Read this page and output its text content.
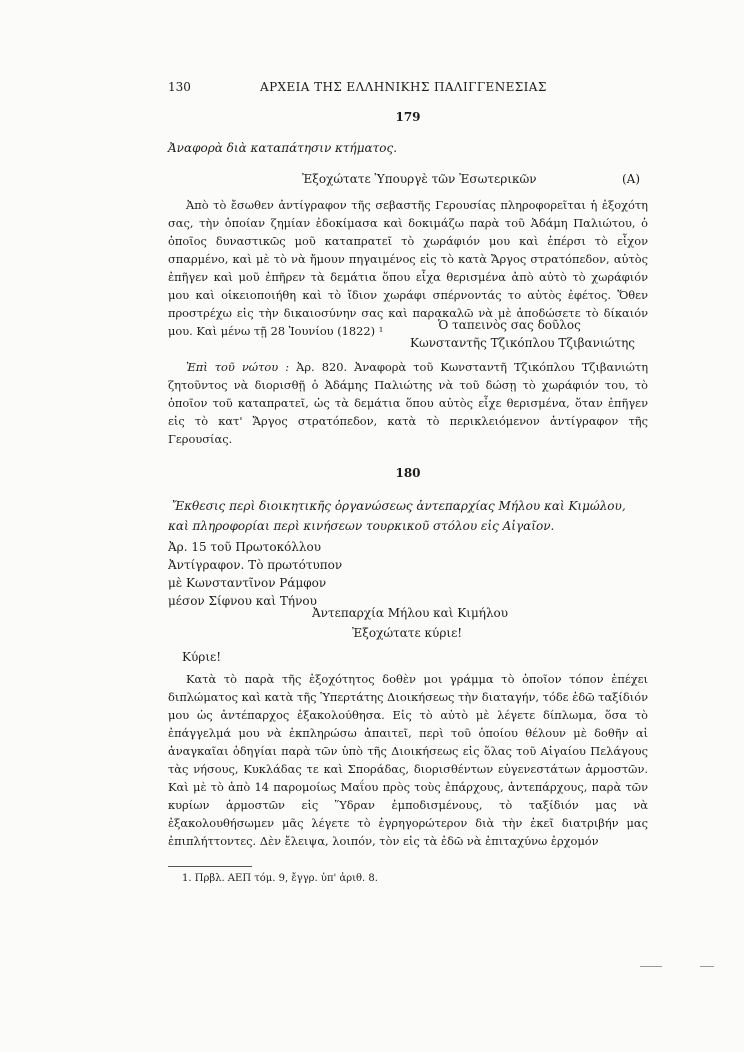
130	ΑΡΧΕΙΑ ΤΗΣ ΕΛΛΗΝΙΚΗΣ ΠΑΛΙΓΓΕΝΕΣΙΑΣ
179
Ἀναφορὰ διὰ καταπάτησιν κτήματος.
Ἐξοχώτατε Ὑπουργὲ τῶν Ἐσωτερικῶν	(Α)

Ἀπὸ τὸ ἔσωθεν ἀντίγραφον τῆς σεβαστῆς Γερουσίας πληροφορεῖται ἡ ἐξοχότη σας, τὴν ὁποίαν ζημίαν ἐδοκίμασα καὶ δοκιμάζω παρὰ τοῦ Ἀδάμη Παλιώτου, ὁ ὁποῖος δυναστικῶς μοῦ καταπρατεῖ τὸ χωράφιόν μου καὶ ἐπέρσι τὸ εἶχον σπαρμένο, καὶ μὲ τὸ νὰ ἤμουν πηγαιμένος εἰς τὸ κατὰ Ἄργος στρατόπεδον, αὐτὸς ἐπῆγεν καὶ μοῦ ἐπῆρεν τὰ δεμάτια ὅπου εἶχα θερισμένα ἀπὸ αὐτὸ τὸ χωράφιόν μου καὶ οἰκειοποιήθη καὶ τὸ ἴδιον χωράφι σπέρνοντάς το αὐτὸς ἐφέτος. Ὅθεν προστρέχω εἰς τὴν δικαιοσύνην σας καὶ παρακαλῶ νὰ μὲ ἀποδώσετε τὸ δίκαιόν μου. Καὶ μένω τῇ 28 Ἰουνίου (1822) ¹	Ὁ ταπεινὸς σας δοῦλος
Κωνσταντῆς Τζικόπλου Τζιβανιώτης

Ἐπὶ τοῦ νώτου : Ἀρ. 820. Ἀναφορὰ τοῦ Κωνσταντῆ Τζικόπλου Τζιβανιώτη ζητοῦντος νὰ διορισθῇ ὁ Ἀδάμης Παλιώτης νὰ τοῦ δώσῃ τὸ χωράφιόν του, τὸ ὁποῖον τοῦ καταπρατεῖ, ὡς τὰ δεμάτια ὅπου αὐτὸς εἶχε θερισμένα, ὅταν ἐπῆγεν εἰς τὸ κατ' Ἄργος στρατόπεδον, κατὰ τὸ περικλειόμενον ἀντίγραφον τῆς Γερουσίας.

180
Ἔκθεσις περὶ διοικητικῆς ὀργανώσεως ἀντεπαρχίας Μήλου καὶ Κιμώλου, καὶ πληροφορίαι περὶ κινήσεων τουρκικοῦ στόλου εἰς Αἰγαῖον.
Ἀρ. 15 τοῦ Πρωτοκόλλου
Ἀντίγραφον. Τὸ πρωτότυπον
μὲ Κωνσταντῖνον Ράμφον
μέσον Σίφνου καὶ Τήνου
Ἀντεπαρχία Μήλου καὶ Κιμήλου
Ἐξοχώτατε κύριε!
Κύριε!

Κατὰ τὸ παρὰ τῆς ἐξοχότητος δοθὲν μοι γράμμα τὸ ὁποῖον τόπον ἐπέχει διπλώματος καὶ κατὰ τῆς Ὑπερτάτης Διοικήσεως τὴν διαταγήν, τόδε ἐδῶ ταξίδιόν μου ὡς ἀντέπαρχος ἐξακολούθησα. Εἰς τὸ αὐτὸ μὲ λέγετε δίπλωμα, ὅσα τὸ ἐπάγγελμά μου νὰ ἐκπληρώσω ἀπαιτεῖ, περὶ τοῦ ὁποίου θέλουν μὲ δοθῆν αἱ ἀναγκαῖαι ὁδηγίαι παρὰ τῶν ὑπὸ τῆς Διοικήσεως εἰς ὅλας τοῦ Αἰγαίου Πελάγους τὰς νήσους, Κυκλάδας τε καὶ Σποράδας, διορισθέντων εὐγενεστάτων ἁρμοστῶν. Καὶ μὲ τὸ ἀπὸ 14 παρομοίως Μαΐου πρὸς τοὺς ἐπάρχους, ἀντεπάρχους, παρὰ τῶν κυρίων ἁρμοστῶν εἰς Ὕδραν ἐμποδισμένους, τὸ ταξίδιόν μας νὰ ἐξακολουθήσωμεν μᾶς λέγετε τὸ ἐγρηγορώτερον διὰ τὴν ἐκεῖ διατριβήν μας ἐπιπλήττοντες. Δὲν ἔλειψα, λοιπόν, τὸν εἰς τὰ ἐδῶ νὰ ἐπιταχύνω ἐρχομόν

1. Πρβλ. ΑΕΠ τόμ. 9, ἔγγρ. ὑπ' ἀριθ. 8.
